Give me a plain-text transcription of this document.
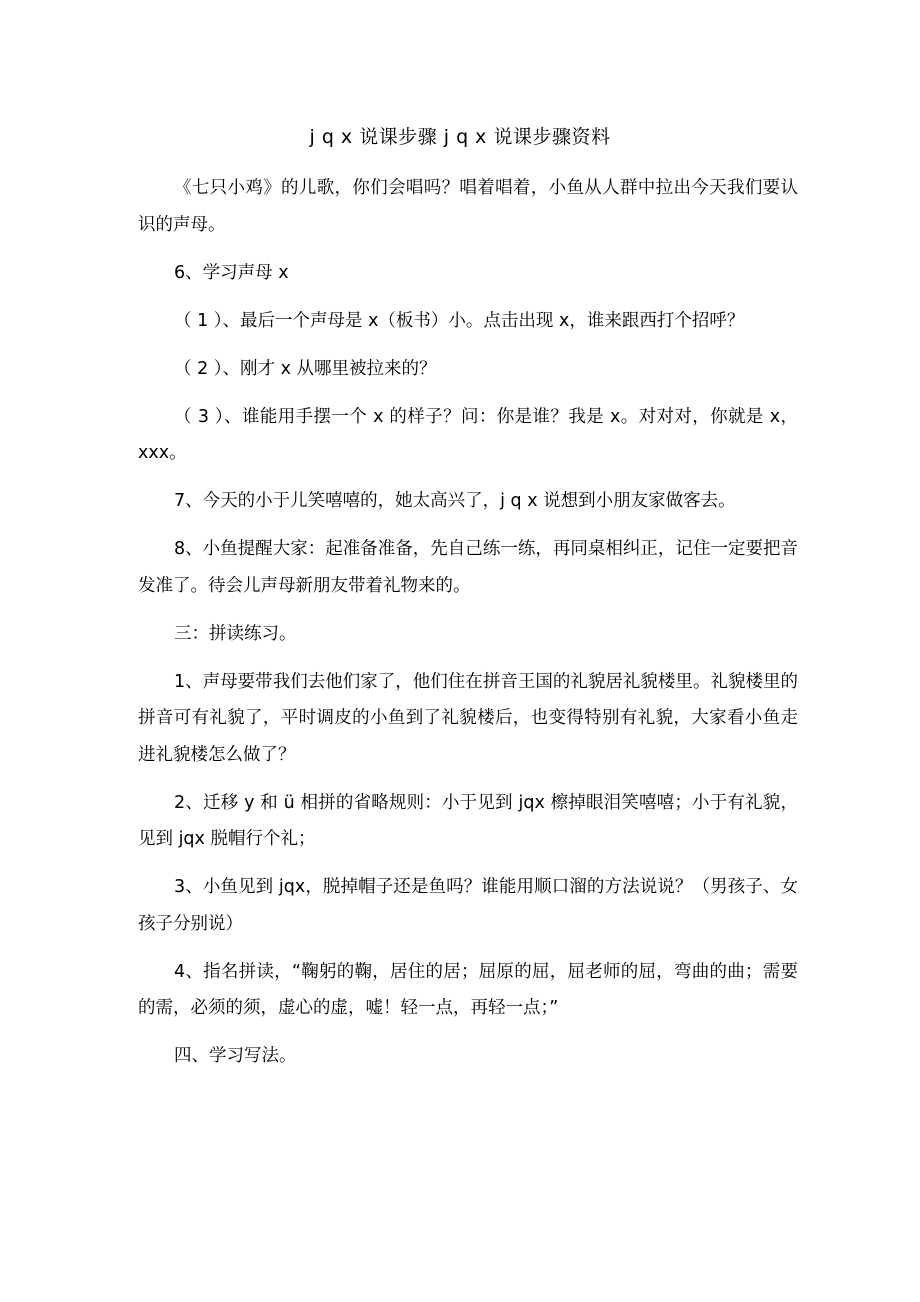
j q x 说课步骤 j q x 说课步骤资料

《七只小鸡》的儿歌，你们会唱吗？唱着唱着，小鱼从人群中拉出今天我们要认识的声母。

6、学习声母 x

（ 1 ）、最后一个声母是 x（板书）小。点击出现 x，谁来跟西打个招呼？

（ 2 ）、刚才 x 从哪里被拉来的？

（ 3 ）、谁能用手摆一个 x 的样子？问：你是谁？我是 x。对对对，你就是 x，xxx。

7、今天的小于儿笑嘻嘻的，她太高兴了，j q x 说想到小朋友家做客去。

8、小鱼提醒大家：起准备准备，先自己练一练，再同桌相纠正，记住一定要把音发准了。待会儿声母新朋友带着礼物来的。

三：拼读练习。

1、声母要带我们去他们家了，他们住在拼音王国的礼貌居礼貌楼里。礼貌楼里的拼音可有礼貌了，平时调皮的小鱼到了礼貌楼后，也变得特别有礼貌，大家看小鱼走进礼貌楼怎么做了？

2、迁移 y 和 ü 相拼的省略规则：小于见到 jqx 檫掉眼泪笑嘻嘻；小于有礼貌，见到 jqx 脱帽行个礼；

3、小鱼见到 jqx，脱掉帽子还是鱼吗？谁能用顺口溜的方法说说？（男孩子、女孩子分别说）

4、指名拼读，“鞠躬的鞠，居住的居；屈原的屈，屈老师的屈，弯曲的曲；需要的需，必须的须，虚心的虚，嘘！轻一点，再轻一点；”

四、学习写法。
